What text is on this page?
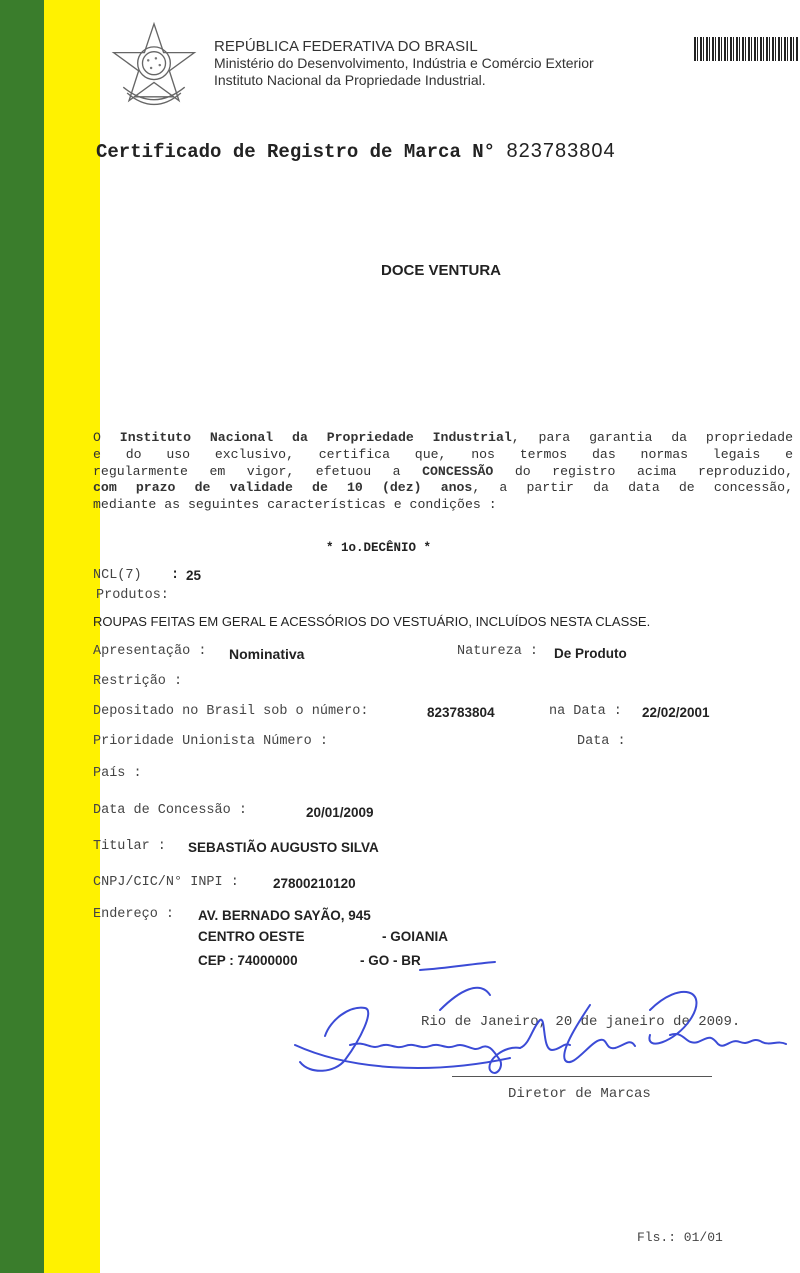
REPÚBLICA FEDERATIVA DO BRASIL
Ministério do Desenvolvimento, Indústria e Comércio Exterior
Instituto Nacional da Propriedade Industrial.
Certificado de Registro de Marca N° 823783804
DOCE VENTURA
O Instituto Nacional da Propriedade Industrial, para garantia da propriedade
e do uso exclusivo, certifica que, nos termos das normas legais e
regularmente em vigor, efetuou a CONCESSÃO do registro acima reproduzido,
com prazo de validade de 10 (dez) anos, a partir da data de concessão,
mediante as seguintes características e condições :
* 1o.DECÊNIO *
NCL(7) : 25
Produtos:
ROUPAS FEITAS EM GERAL E ACESSÓRIOS DO VESTUÁRIO, INCLUÍDOS NESTA CLASSE.
Apresentação : Nominativa	Natureza : De Produto
Restrição :
Depositado no Brasil sob o número:	823783804	na Data : 22/02/2001
Prioridade Unionista Número :	Data :
País :
Data de Concessão :	20/01/2009
Titular : SEBASTIÃO AUGUSTO SILVA
CNPJ/CIC/N° INPI :	27800210120
Endereço : AV. BERNADO SAYÃO, 945
CENTRO OESTE	- GOIANIA
CEP : 74000000	- GO - BR
Rio de Janeiro, 20 de janeiro de 2009.
Diretor de Marcas
Fls.: 01/01
